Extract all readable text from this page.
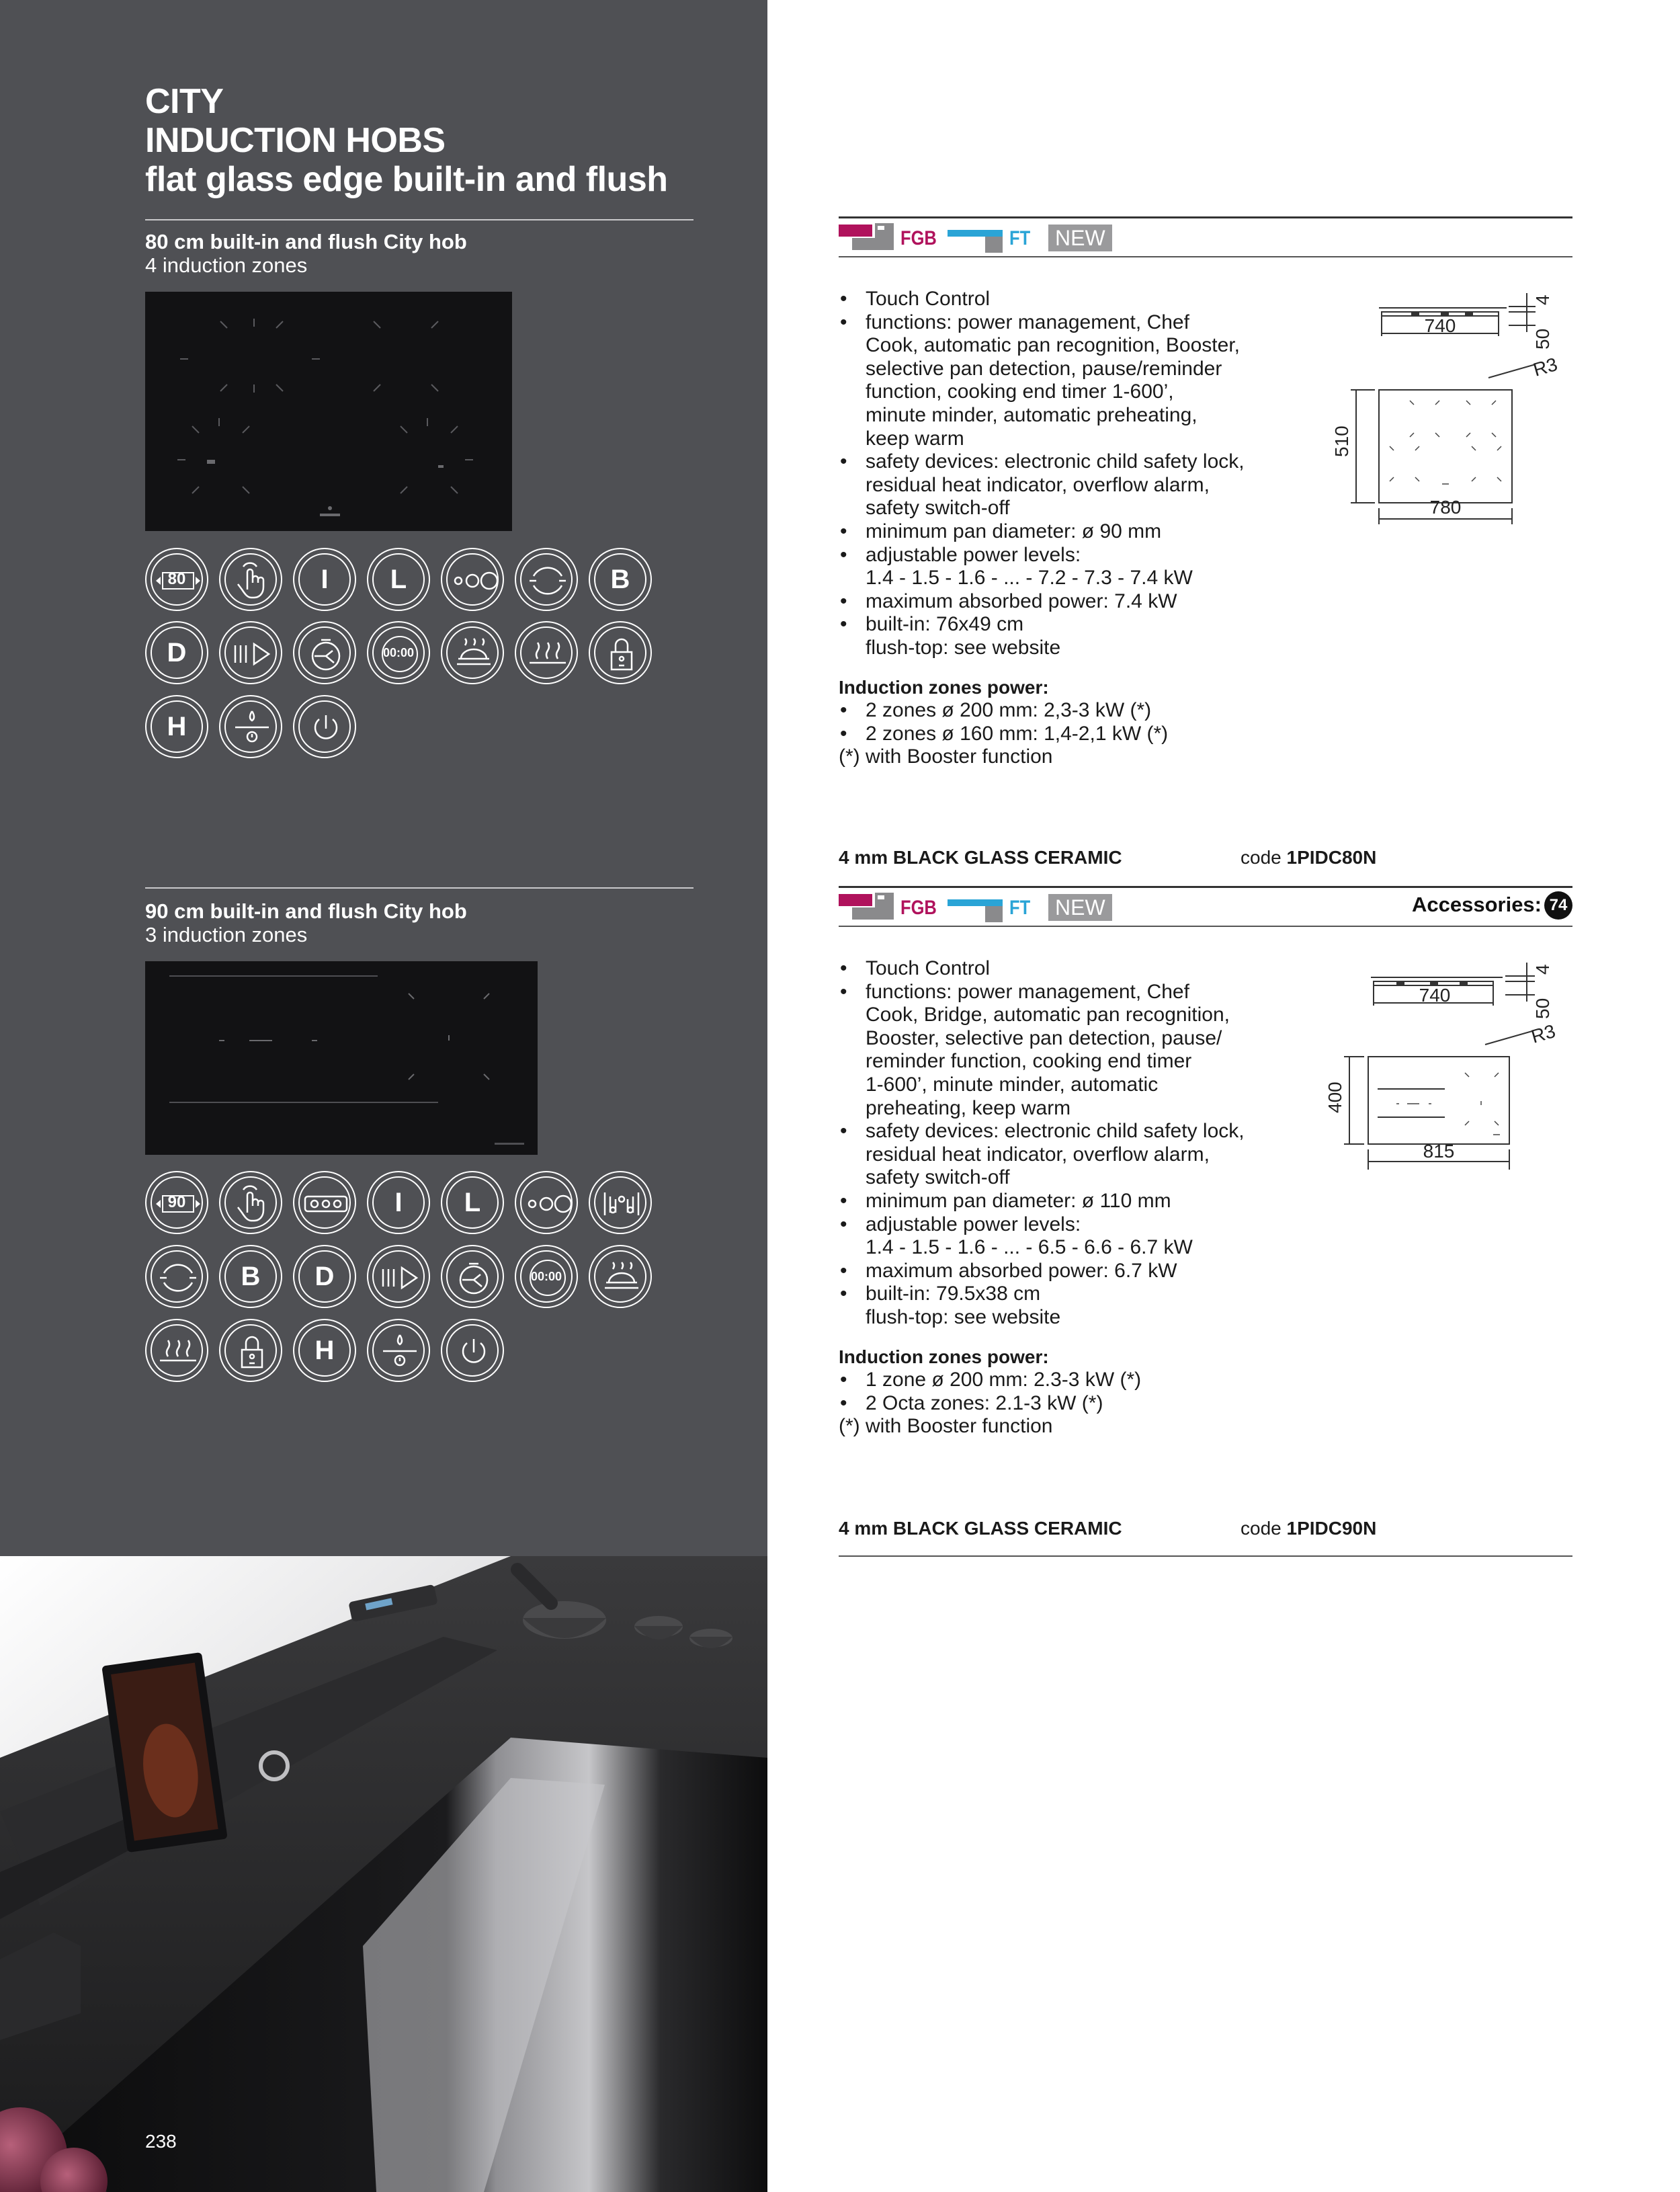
CITY
INDUCTION HOBS
flat glass edge built-in and flush
80 cm built-in and flush City hob
4 induction zones
80	I	L	B
D	00:00
H
90 cm built-in and flush City hob
3 induction zones
90	I	L
B	D	00:00
H
238
FGB	FT	NEW
• Touch Control
• functions: power management, Chef
Cook, automatic pan recognition, Booster,
selective pan detection, pause/reminder
function, cooking end timer 1-600’,
minute minder, automatic preheating,
keep warm
• safety devices: electronic child safety lock,
residual heat indicator, overflow alarm,
safety switch-off
• minimum pan diameter: ø 90 mm
• adjustable power levels:
1.4 - 1.5 - 1.6 - ... - 7.2 - 7.3 - 7.4 kW
• maximum absorbed power: 7.4 kW
• built-in: 76x49 cm
flush-top: see website
Induction zones power:
• 2 zones ø 200 mm: 2,3-3 kW (*)
• 2 zones ø 160 mm: 1,4-2,1 kW (*)
(*) with Booster function
740
4
50
R3
510
780
4 mm BLACK GLASS CERAMIC	code 1PIDC80N
FGB	FT	NEW	Accessories: 74
• Touch Control
• functions: power management, Chef
Cook, Bridge, automatic pan recognition,
Booster, selective pan detection, pause/
reminder function, cooking end timer
1-600’, minute minder, automatic
preheating, keep warm
• safety devices: electronic child safety lock,
residual heat indicator, overflow alarm,
safety switch-off
• minimum pan diameter: ø 110 mm
• adjustable power levels:
1.4 - 1.5 - 1.6 - ... - 6.5 - 6.6 - 6.7 kW
• maximum absorbed power: 6.7 kW
• built-in: 79.5x38 cm
flush-top: see website
Induction zones power:
• 1 zone ø 200 mm: 2.3-3 kW (*)
• 2 Octa zones: 2.1-3 kW (*)
(*) with Booster function
740
4
50
R3
400
815
4 mm BLACK GLASS CERAMIC	code 1PIDC90N
